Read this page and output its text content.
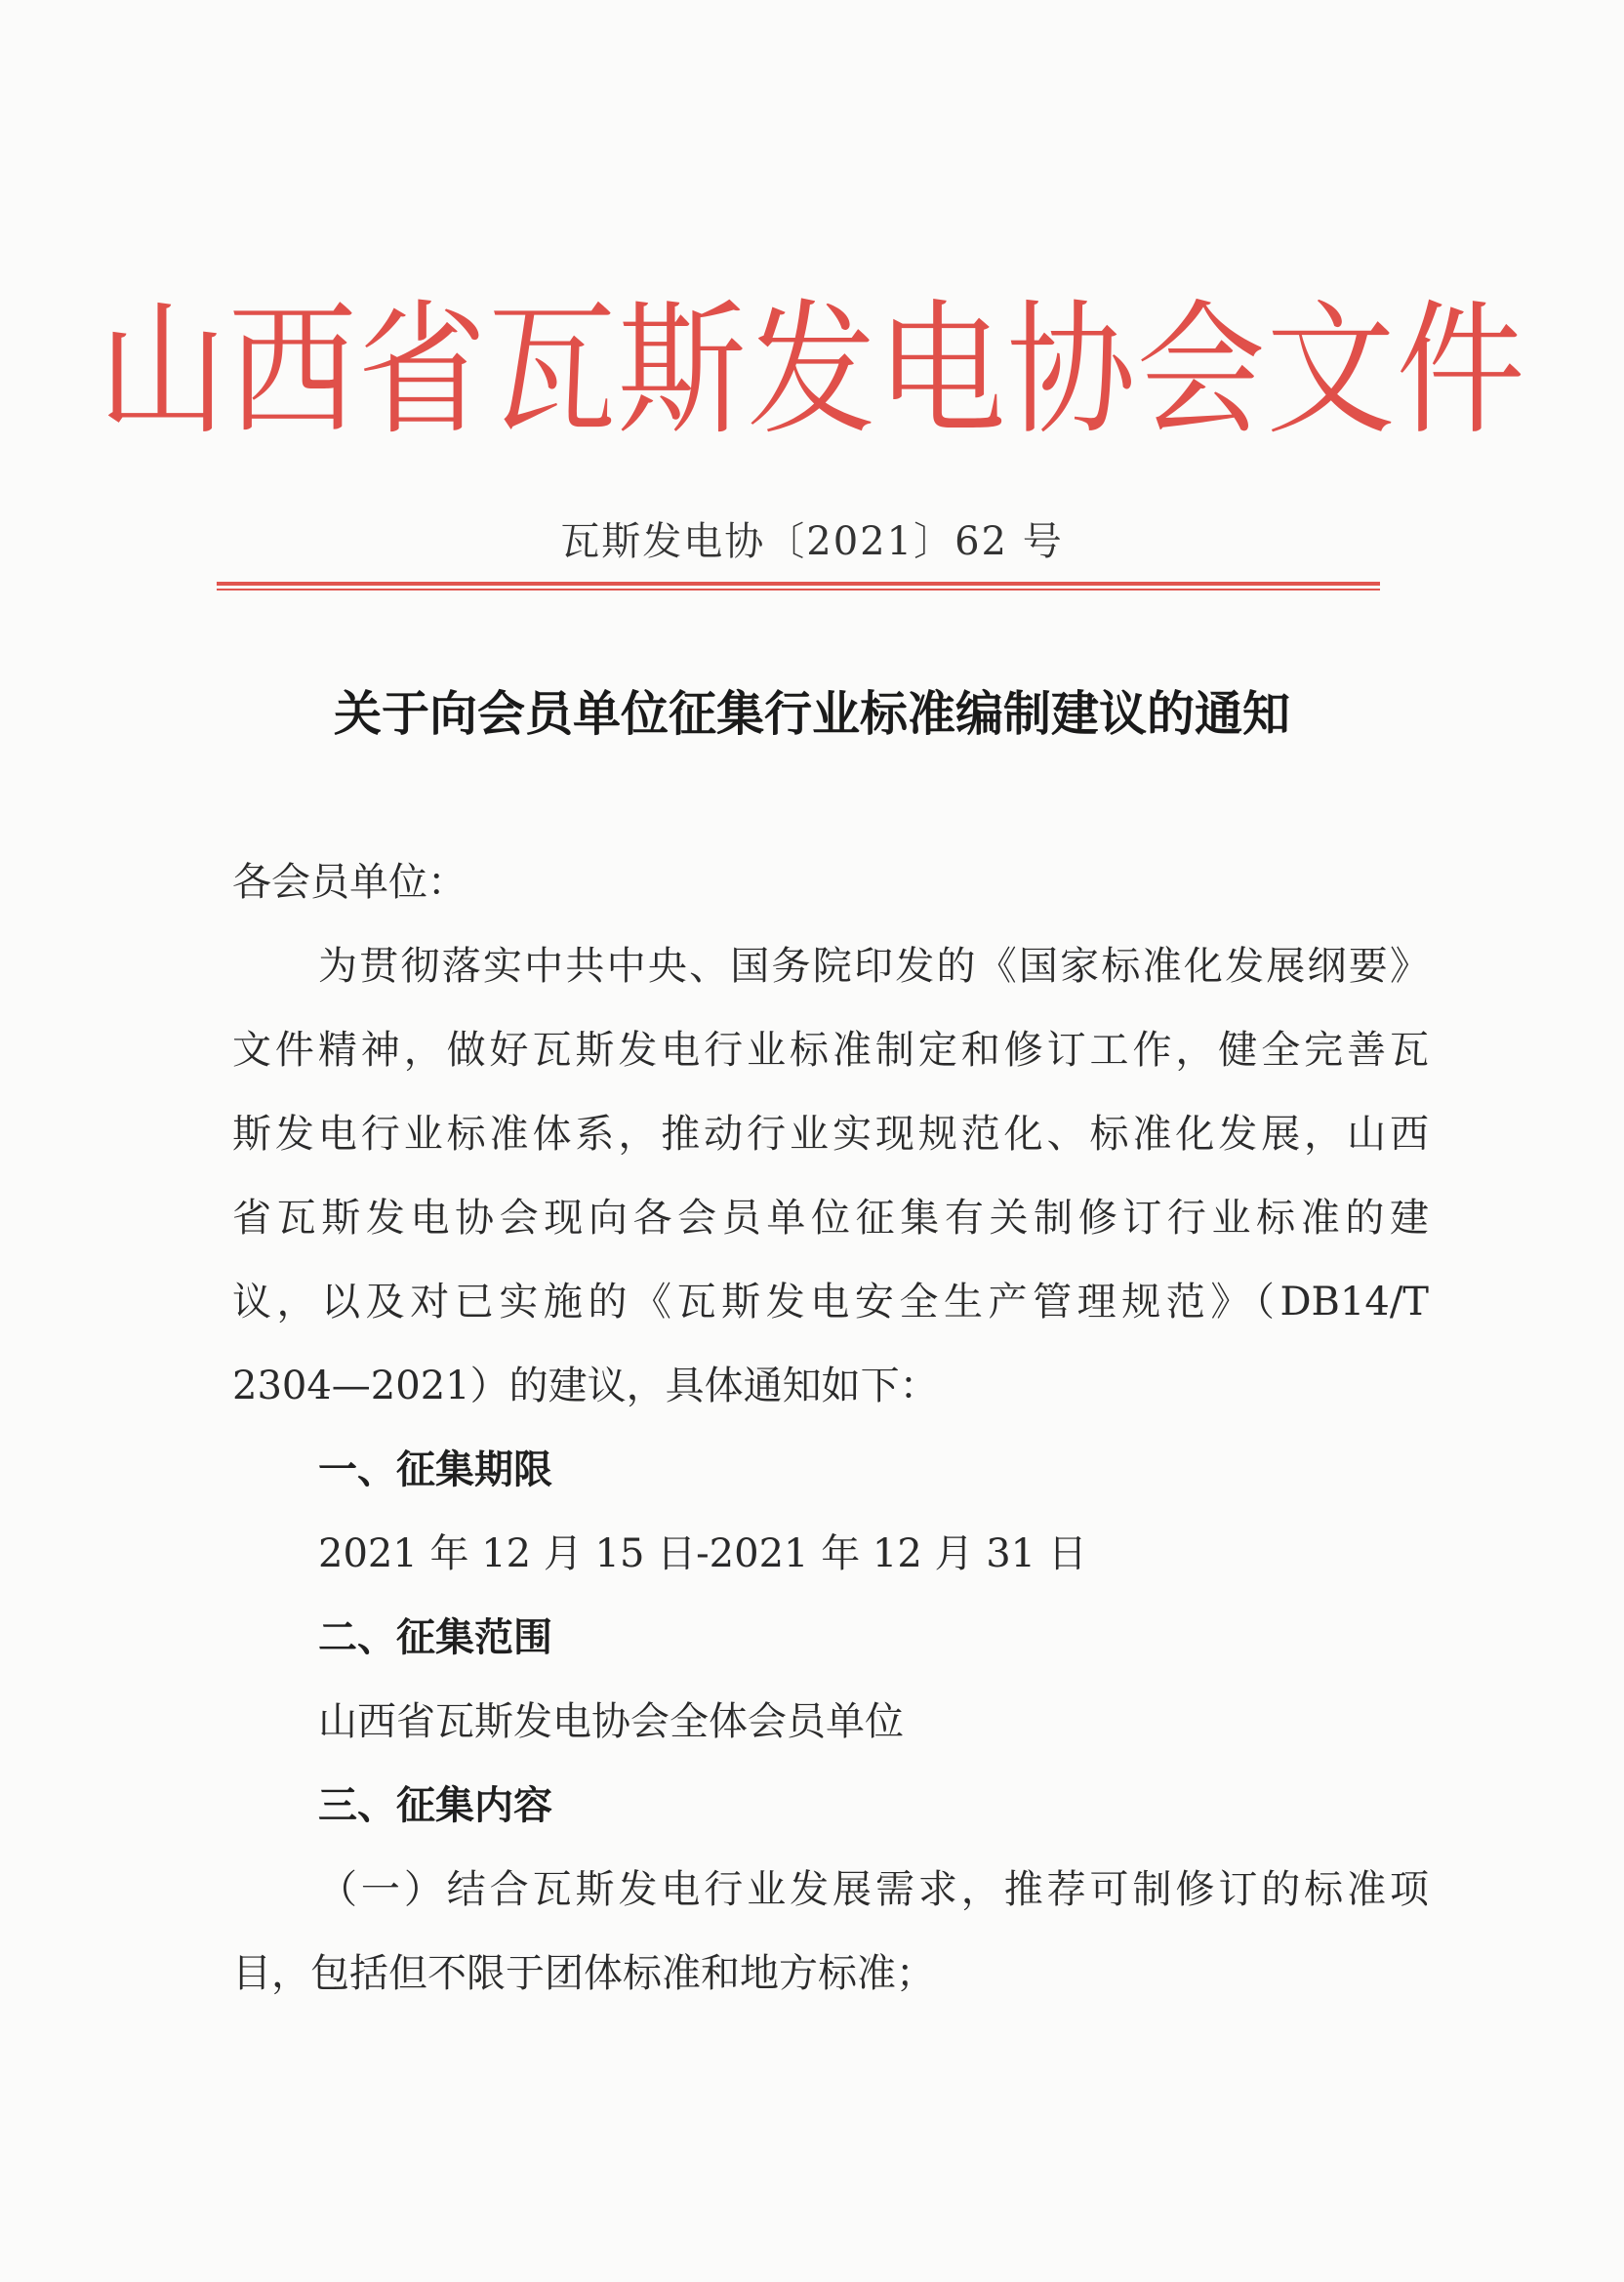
山西省瓦斯发电协会文件
瓦斯发电协〔2021〕62 号
关于向会员单位征集行业标准编制建议的通知
各会员单位：
为贯彻落实中共中央、国务院印发的《国家标准化发展纲要》
文件精神，做好瓦斯发电行业标准制定和修订工作，健全完善瓦
斯发电行业标准体系，推动行业实现规范化、标准化发展，山西
省瓦斯发电协会现向各会员单位征集有关制修订行业标准的建
议，以及对已实施的《瓦斯发电安全生产管理规范》（DB14/T
2304—2021）的建议，具体通知如下：
一、征集期限
2021 年 12 月 15 日-2021 年 12 月 31 日
二、征集范围
山西省瓦斯发电协会全体会员单位
三、征集内容
（一）结合瓦斯发电行业发展需求，推荐可制修订的标准项
目，包括但不限于团体标准和地方标准；
